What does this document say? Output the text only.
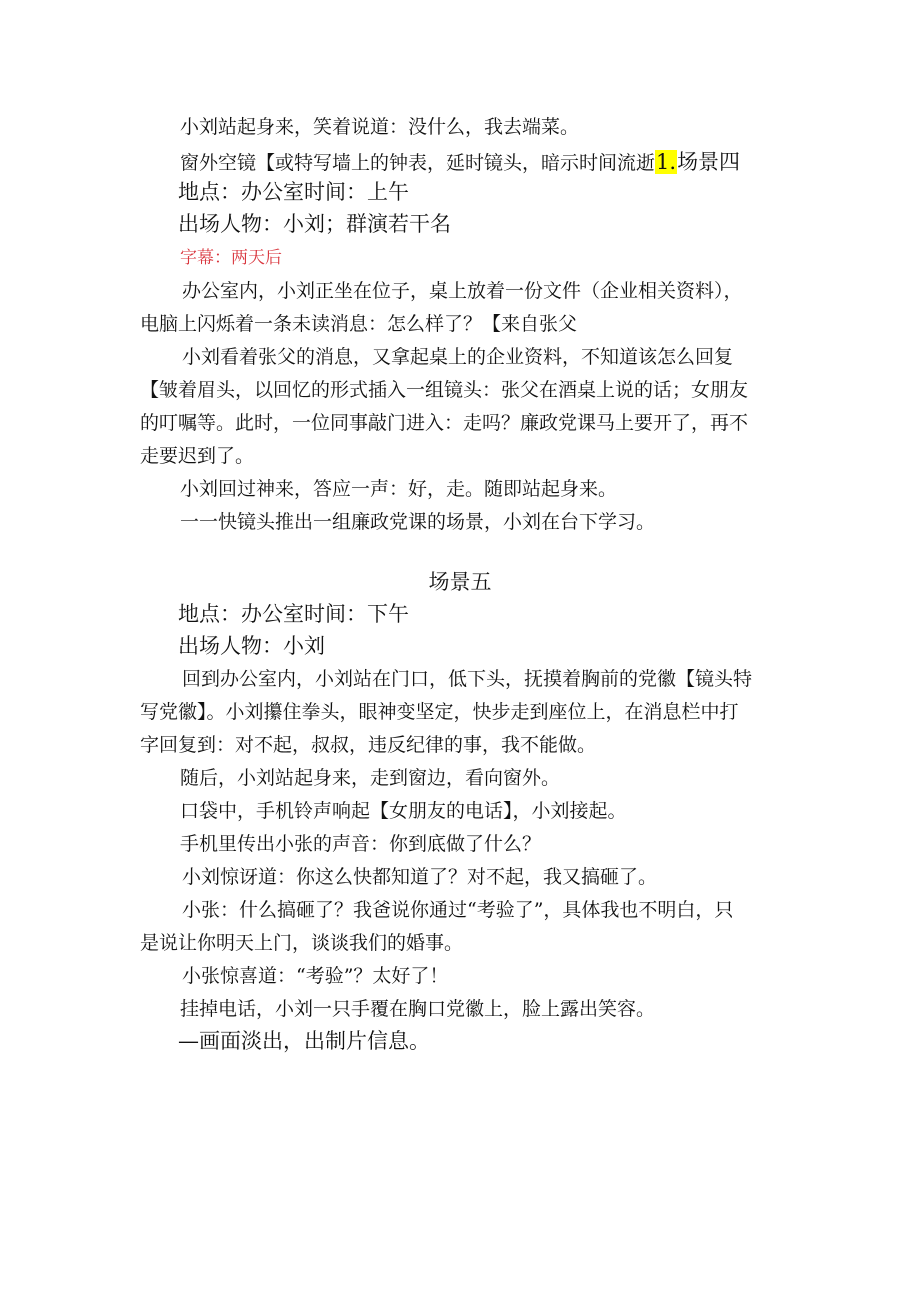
小刘站起身来，笑着说道：没什么，我去端菜。
窗外空镜【或特写墙上的钟表，延时镜头，暗示时间流逝1.场景四
地点：办公室时间：上午
出场人物：小刘；群演若干名
字幕：两天后
办公室内，小刘正坐在位子，桌上放着一份文件（企业相关资料），
电脑上闪烁着一条未读消息：怎么样了？【来自张父
小刘看着张父的消息，又拿起桌上的企业资料，不知道该怎么回复
【皱着眉头，以回忆的形式插入一组镜头：张父在酒桌上说的话；女朋友
的叮嘱等。此时，一位同事敲门进入：走吗？廉政党课马上要开了，再不
走要迟到了。
小刘回过神来，答应一声：好，走。随即站起身来。
一一快镜头推出一组廉政党课的场景，小刘在台下学习。
场景五
地点：办公室时间：下午
出场人物：小刘
回到办公室内，小刘站在门口，低下头，抚摸着胸前的党徽【镜头特
写党徽】。小刘攥住拳头，眼神变坚定，快步走到座位上，在消息栏中打
字回复到：对不起，叔叔，违反纪律的事，我不能做。
随后，小刘站起身来，走到窗边，看向窗外。
口袋中，手机铃声响起【女朋友的电话】，小刘接起。
手机里传出小张的声音：你到底做了什么？
小刘惊讶道：你这么快都知道了？对不起，我又搞砸了。
小张：什么搞砸了？我爸说你通过“考验了”，具体我也不明白，只
是说让你明天上门，谈谈我们的婚事。
小张惊喜道：“考验”？太好了！
挂掉电话，小刘一只手覆在胸口党徽上，脸上露出笑容。
—画面淡出，出制片信息。
